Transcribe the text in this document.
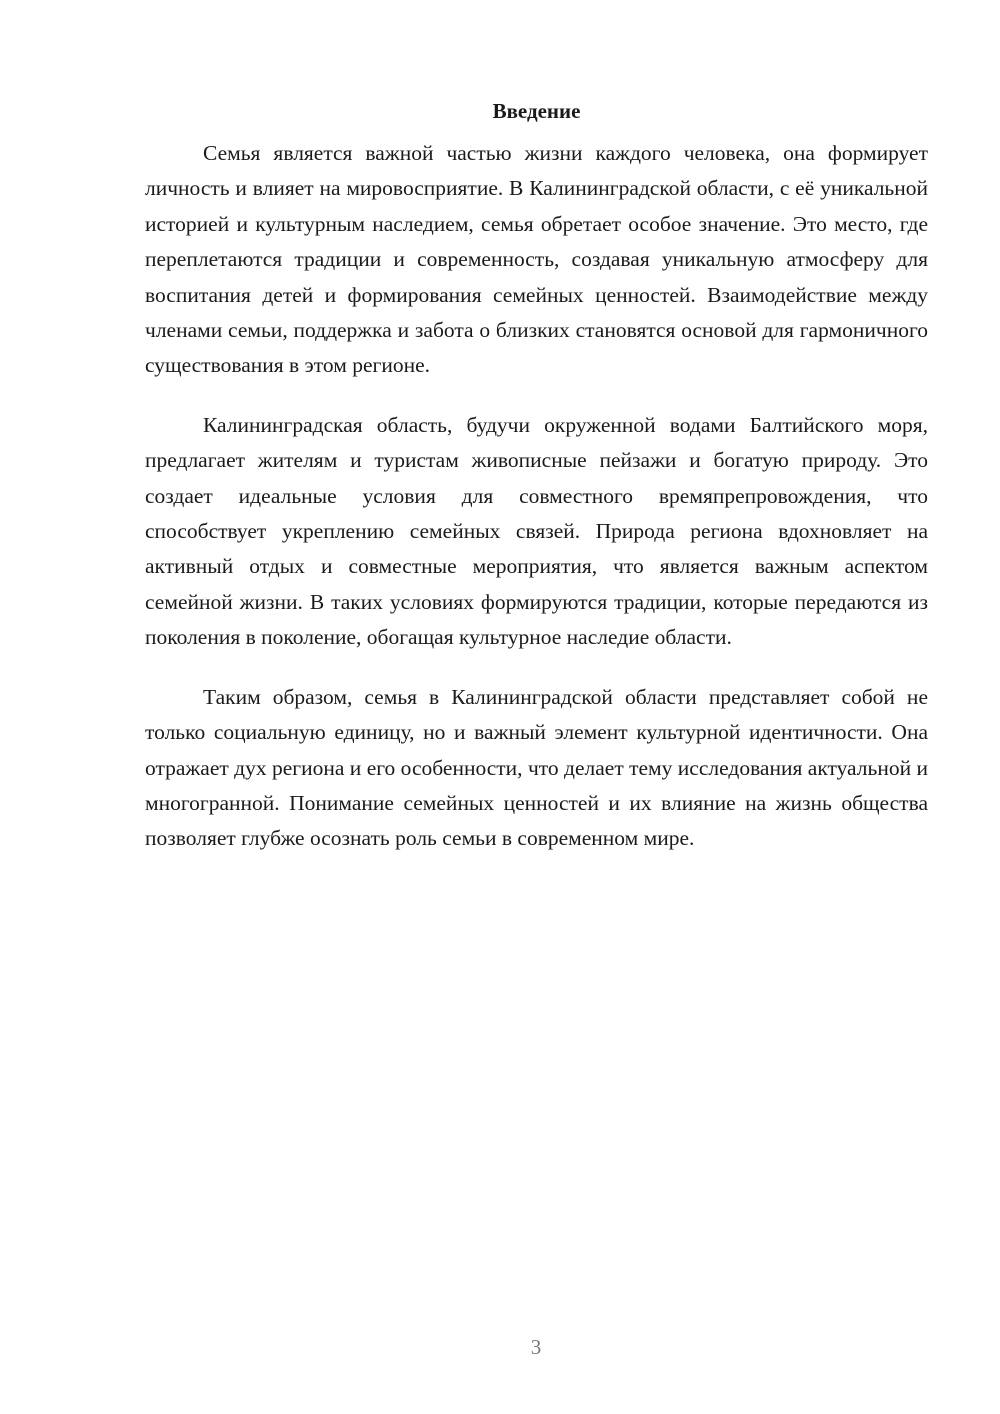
Введение

Семья является важной частью жизни каждого человека, она формирует личность и влияет на мировосприятие. В Калининградской области, с её уникальной историей и культурным наследием, семья обретает особое значение. Это место, где переплетаются традиции и современность, создавая уникальную атмосферу для воспитания детей и формирования семейных ценностей. Взаимодействие между членами семьи, поддержка и забота о близких становятся основой для гармоничного существования в этом регионе.

Калининградская область, будучи окруженной водами Балтийского моря, предлагает жителям и туристам живописные пейзажи и богатую природу. Это создает идеальные условия для совместного времяпрепровождения, что способствует укреплению семейных связей. Природа региона вдохновляет на активный отдых и совместные мероприятия, что является важным аспектом семейной жизни. В таких условиях формируются традиции, которые передаются из поколения в поколение, обогащая культурное наследие области.

Таким образом, семья в Калининградской области представляет собой не только социальную единицу, но и важный элемент культурной идентичности. Она отражает дух региона и его особенности, что делает тему исследования актуальной и многогранной. Понимание семейных ценностей и их влияние на жизнь общества позволяет глубже осознать роль семьи в современном мире.

3
